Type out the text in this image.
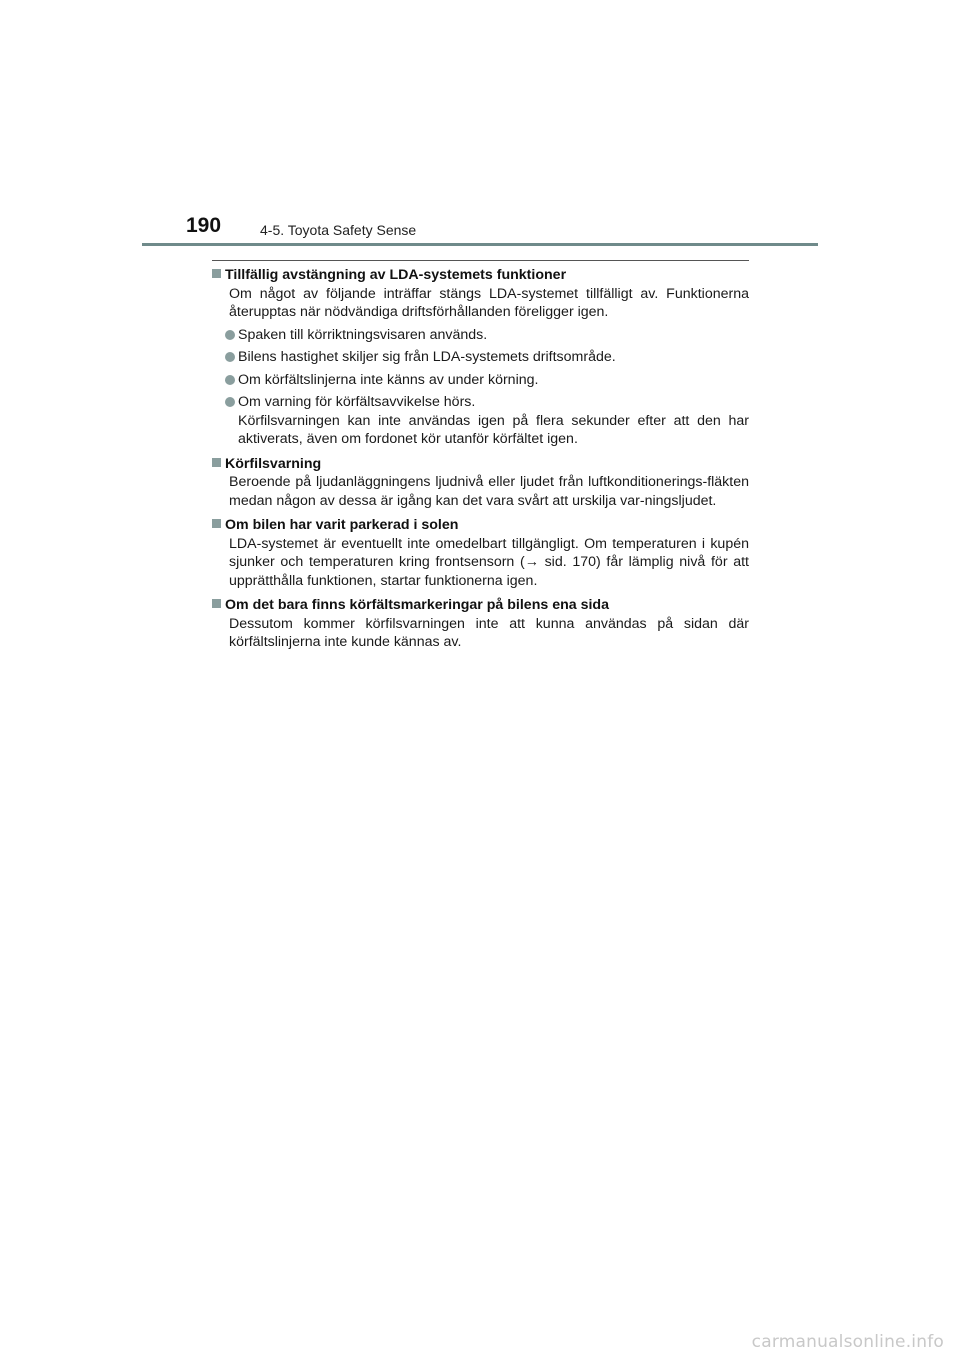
190	4-5. Toyota Safety Sense
Tillfällig avstängning av LDA-systemets funktioner
Om något av följande inträffar stängs LDA-systemet tillfälligt av. Funktionerna återupptas när nödvändiga driftsförhållanden föreligger igen.
Spaken till körriktningsvisaren används.
Bilens hastighet skiljer sig från LDA-systemets driftsområde.
Om körfältslinjerna inte känns av under körning.
Om varning för körfältsavvikelse hörs.
Körfilsvarningen kan inte användas igen på flera sekunder efter att den har aktiverats, även om fordonet kör utanför körfältet igen.
Körfilsvarning
Beroende på ljudanläggningens ljudnivå eller ljudet från luftkonditionerings-fläkten medan någon av dessa är igång kan det vara svårt att urskilja var-ningsljudet.
Om bilen har varit parkerad i solen
LDA-systemet är eventuellt inte omedelbart tillgängligt. Om temperaturen i kupén sjunker och temperaturen kring frontsensorn (→ sid. 170) får lämplig nivå för att upprätthålla funktionen, startar funktionerna igen.
Om det bara finns körfältsmarkeringar på bilens ena sida
Dessutom kommer körfilsvarningen inte att kunna användas på sidan där körfältslinjerna inte kunde kännas av.
carmanualsonline.info
